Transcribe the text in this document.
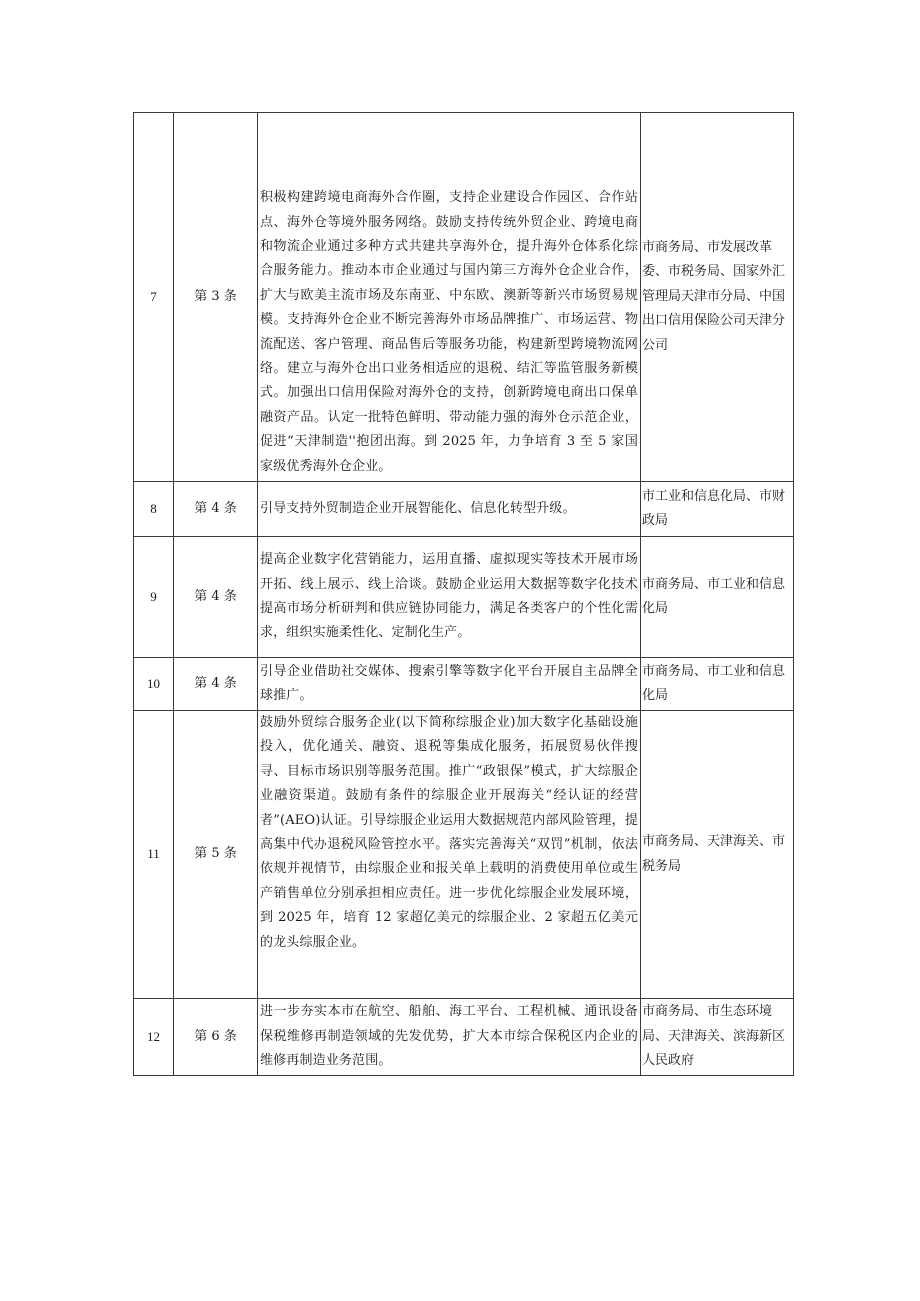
7	第 3 条	积极构建跨境电商海外合作圈，支持企业建设合作园区、合作站点、海外仓等境外服务网络。鼓励支持传统外贸企业、跨境电商和物流企业通过多种方式共建共享海外仓，提升海外仓体系化综合服务能力。推动本市企业通过与国内第三方海外仓企业合作，扩大与欧美主流市场及东南亚、中东欧、澳新等新兴市场贸易规模。支持海外仓企业不断完善海外市场品牌推广、市场运营、物流配送、客户管理、商品售后等服务功能，构建新型跨境物流网络。建立与海外仓出口业务相适应的退税、结汇等监管服务新模式。加强出口信用保险对海外仓的支持，创新跨境电商出口保单融资产品。认定一批特色鲜明、带动能力强的海外仓示范企业，促进“天津制造''抱团出海。到 2025 年，力争培育 3 至 5 家国家级优秀海外仓企业。	市商务局、市发展改革委、市税务局、国家外汇管理局天津市分局、中国出口信用保险公司天津分公司
8	第 4 条	引导支持外贸制造企业开展智能化、信息化转型升级。	市工业和信息化局、市财政局
9	第 4 条	提高企业数字化营销能力，运用直播、虚拟现实等技术开展市场开拓、线上展示、线上洽谈。鼓励企业运用大数据等数字化技术提高市场分析研判和供应链协同能力，满足各类客户的个性化需求，组织实施柔性化、定制化生产。	市商务局、市工业和信息化局
10	第 4 条	引导企业借助社交媒体、搜索引擎等数字化平台开展自主品牌全球推广。	市商务局、市工业和信息化局
11	第 5 条	鼓励外贸综合服务企业(以下简称综服企业)加大数字化基础设施投入，优化通关、融资、退税等集成化服务，拓展贸易伙伴搜寻、目标市场识别等服务范围。推广“政银保”模式，扩大综服企业融资渠道。鼓励有条件的综服企业开展海关“经认证的经营者”(AEO)认证。引导综服企业运用大数据规范内部风险管理，提高集中代办退税风险管控水平。落实完善海关“双罚”机制，依法依规并视情节，由综服企业和报关单上载明的消费使用单位或生产销售单位分别承担相应责任。进一步优化综服企业发展环境，到 2025 年，培育 12 家超亿美元的综服企业、2 家超五亿美元的龙头综服企业。	市商务局、天津海关、市税务局
12	第 6 条	进一步夯实本市在航空、船舶、海工平台、工程机械、通讯设备保税维修再制造领域的先发优势，扩大本市综合保税区内企业的维修再制造业务范围。	市商务局、市生态环境局、天津海关、滨海新区人民政府
